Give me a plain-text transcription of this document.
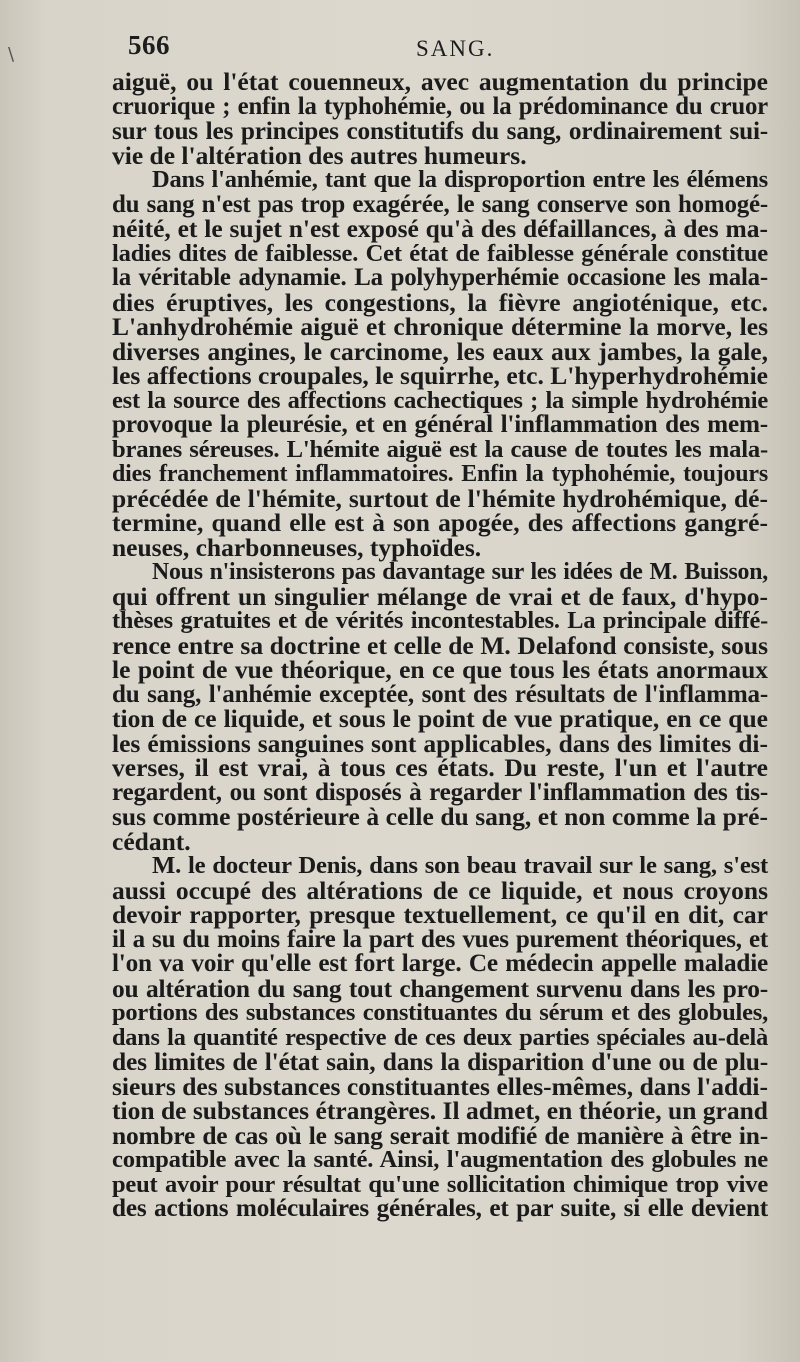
\	566	SANG.
aiguë, ou l'état couenneux, avec augmentation du principe
cruorique ; enfin la typhohémie, ou la prédominance du cruor
sur tous les principes constitutifs du sang, ordinairement sui-
vie de l'altération des autres humeurs.
Dans l'anhémie, tant que la disproportion entre les élémens
du sang n'est pas trop exagérée, le sang conserve son homogé-
néité, et le sujet n'est exposé qu'à des défaillances, à des ma-
ladies dites de faiblesse. Cet état de faiblesse générale constitue
la véritable adynamie. La polyhyperhémie occasione les mala-
dies éruptives, les congestions, la fièvre angioténique, etc.
L'anhydrohémie aiguë et chronique détermine la morve, les
diverses angines, le carcinome, les eaux aux jambes, la gale,
les affections croupales, le squirrhe, etc. L'hyperhydrohémie
est la source des affections cachectiques ; la simple hydrohémie
provoque la pleurésie, et en général l'inflammation des mem-
branes séreuses. L'hémite aiguë est la cause de toutes les mala-
dies franchement inflammatoires. Enfin la typhohémie, toujours
précédée de l'hémite, surtout de l'hémite hydrohémique, dé-
termine, quand elle est à son apogée, des affections gangré-
neuses, charbonneuses, typhoïdes.
Nous n'insisterons pas davantage sur les idées de M. Buisson,
qui offrent un singulier mélange de vrai et de faux, d'hypo-
thèses gratuites et de vérités incontestables. La principale diffé-
rence entre sa doctrine et celle de M. Delafond consiste, sous
le point de vue théorique, en ce que tous les états anormaux
du sang, l'anhémie exceptée, sont des résultats de l'inflamma-
tion de ce liquide, et sous le point de vue pratique, en ce que
les émissions sanguines sont applicables, dans des limites di-
verses, il est vrai, à tous ces états. Du reste, l'un et l'autre
regardent, ou sont disposés à regarder l'inflammation des tis-
sus comme postérieure à celle du sang, et non comme la pré-
cédant.
M. le docteur Denis, dans son beau travail sur le sang, s'est
aussi occupé des altérations de ce liquide, et nous croyons
devoir rapporter, presque textuellement, ce qu'il en dit, car
il a su du moins faire la part des vues purement théoriques, et
l'on va voir qu'elle est fort large. Ce médecin appelle maladie
ou altération du sang tout changement survenu dans les pro-
portions des substances constituantes du sérum et des globules,
dans la quantité respective de ces deux parties spéciales au-delà
des limites de l'état sain, dans la disparition d'une ou de plu-
sieurs des substances constituantes elles-mêmes, dans l'addi-
tion de substances étrangères. Il admet, en théorie, un grand
nombre de cas où le sang serait modifié de manière à être in-
compatible avec la santé. Ainsi, l'augmentation des globules ne
peut avoir pour résultat qu'une sollicitation chimique trop vive
des actions moléculaires générales, et par suite, si elle devient
